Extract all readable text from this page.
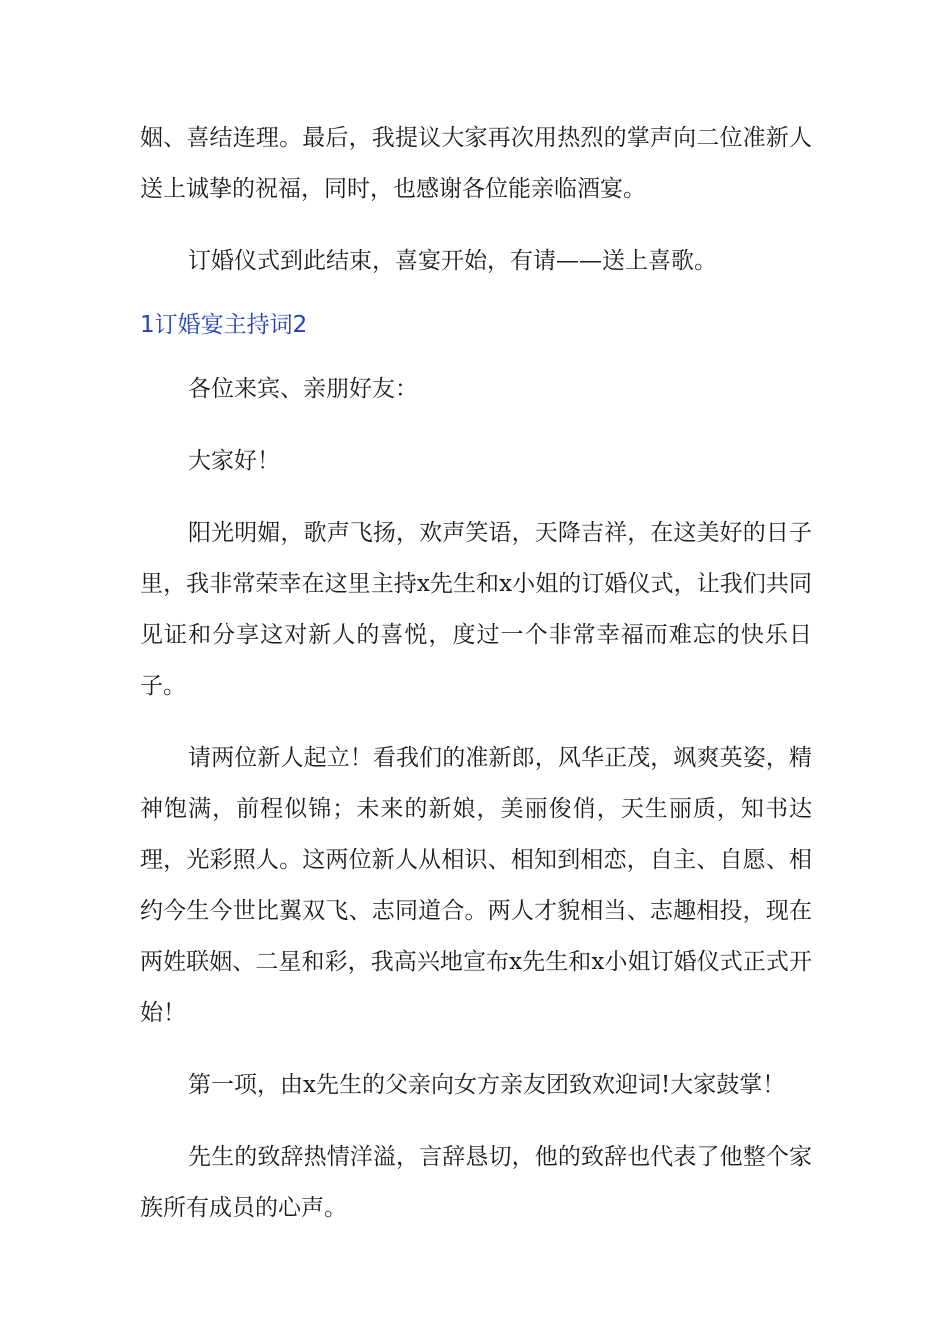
姻、喜结连理。最后，我提议大家再次用热烈的掌声向二位准新人送上诚挚的祝福，同时，也感谢各位能亲临酒宴。

订婚仪式到此结束，喜宴开始，有请——送上喜歌。

1订婚宴主持词2

各位来宾、亲朋好友：

大家好！

阳光明媚，歌声飞扬，欢声笑语，天降吉祥，在这美好的日子里，我非常荣幸在这里主持x先生和x小姐的订婚仪式，让我们共同见证和分享这对新人的喜悦，度过一个非常幸福而难忘的快乐日子。

请两位新人起立！看我们的准新郎，风华正茂，飒爽英姿，精神饱满，前程似锦；未来的新娘，美丽俊俏，天生丽质，知书达理，光彩照人。这两位新人从相识、相知到相恋，自主、自愿、相约今生今世比翼双飞、志同道合。两人才貌相当、志趣相投，现在两姓联姻、二星和彩，我高兴地宣布x先生和x小姐订婚仪式正式开始！

第一项，由x先生的父亲向女方亲友团致欢迎词!大家鼓掌！

先生的致辞热情洋溢，言辞恳切，他的致辞也代表了他整个家族所有成员的心声。
